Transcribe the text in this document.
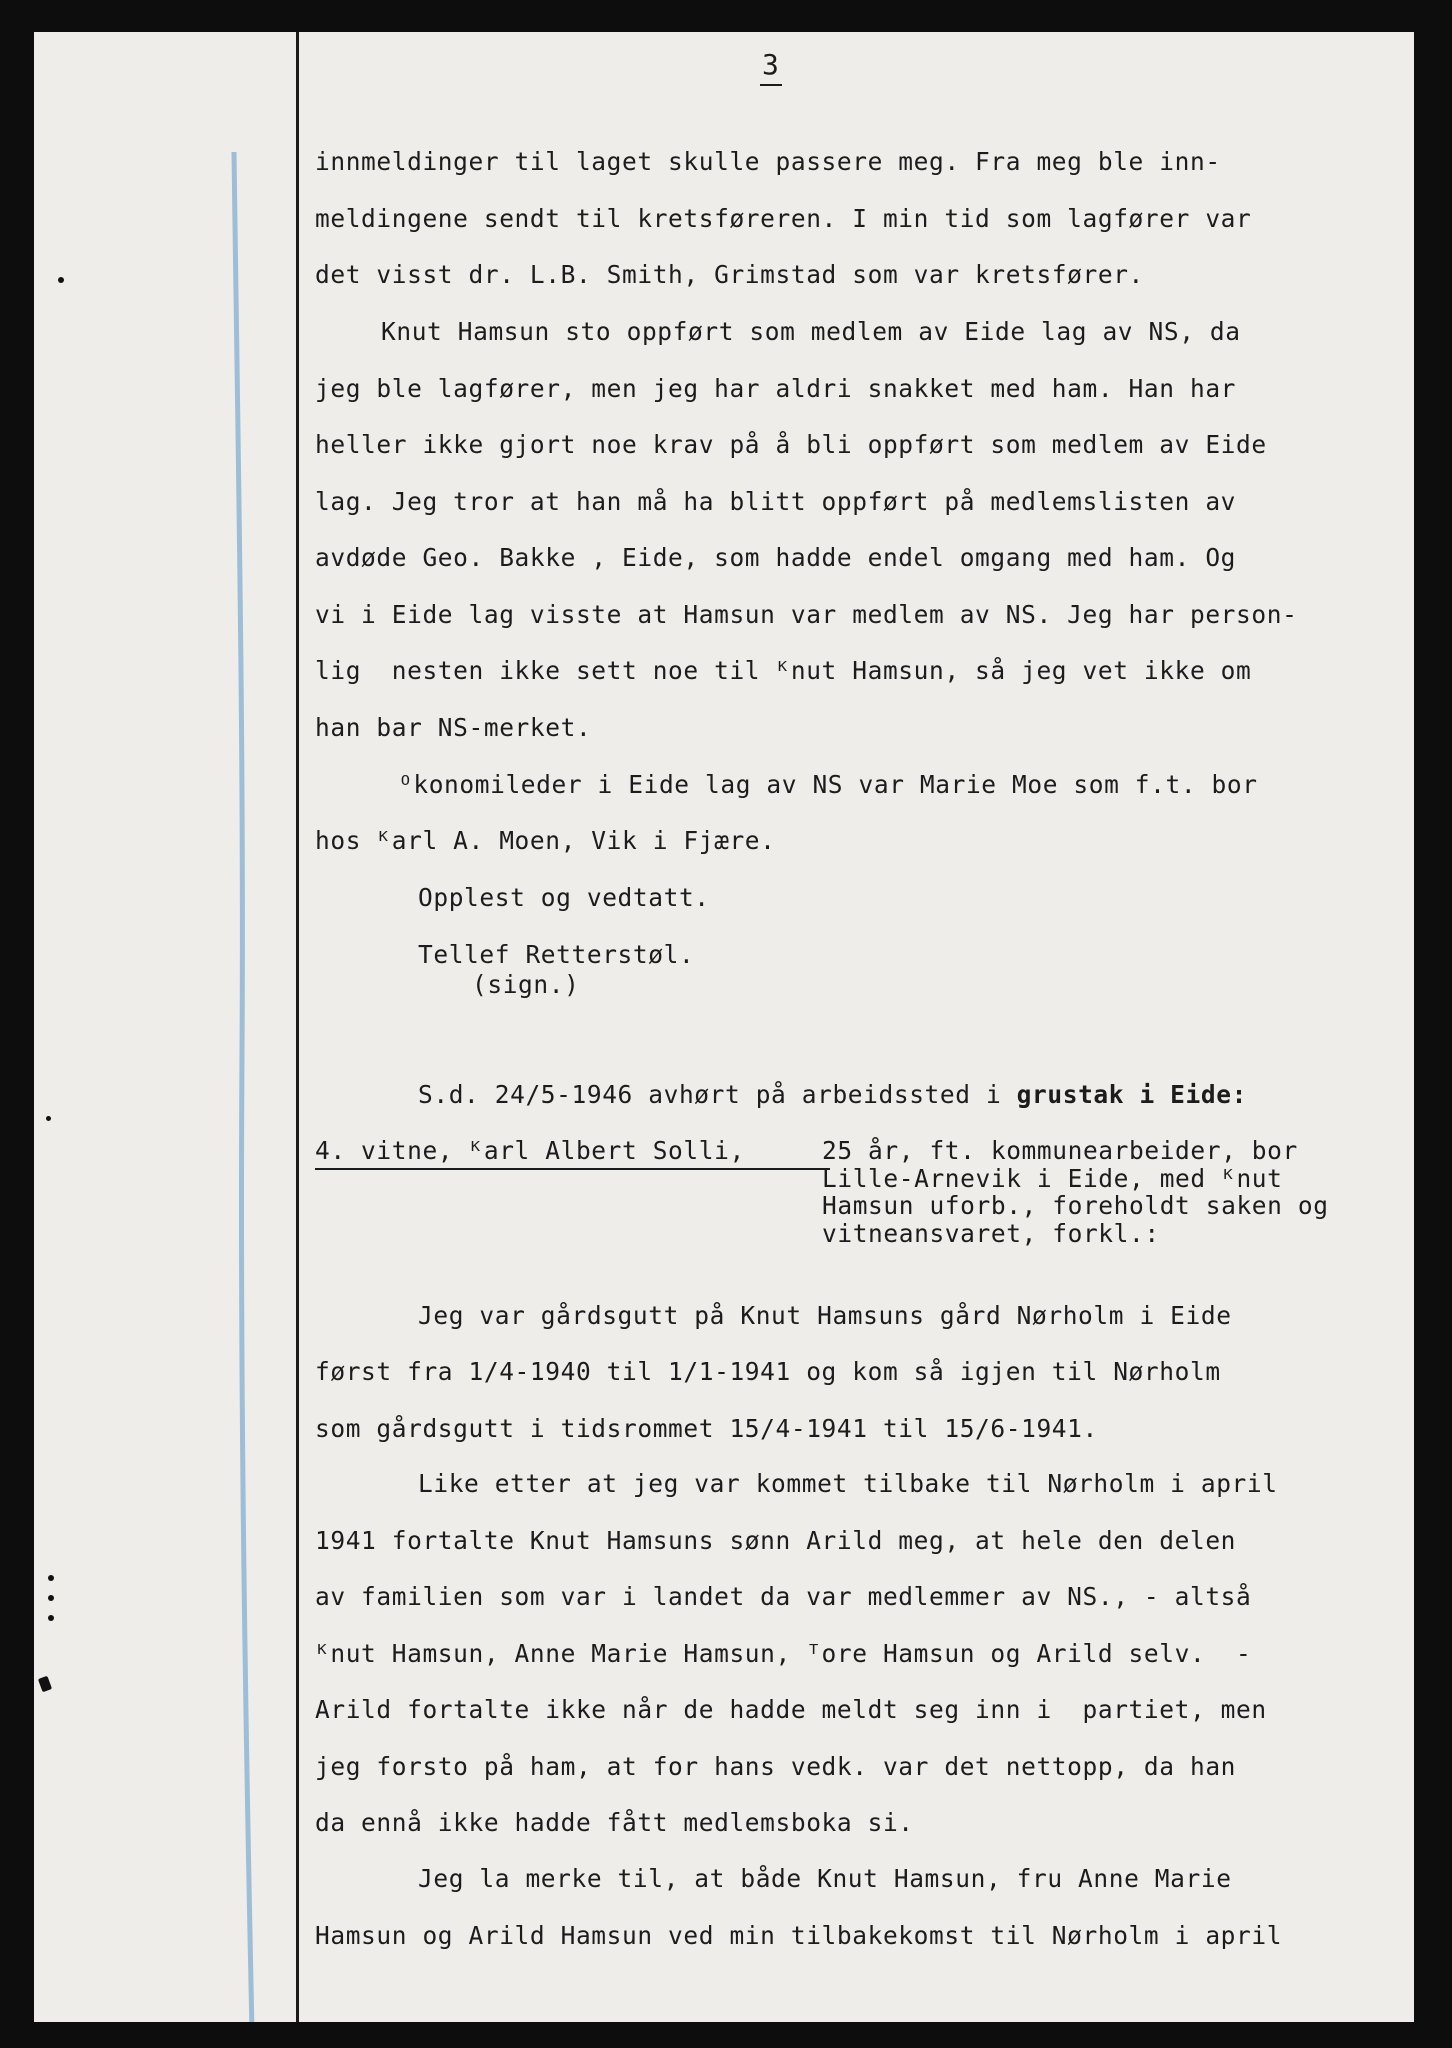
3
innmeldinger til laget skulle passere meg. Fra meg ble inn-
meldingene sendt til kretsføreren. I min tid som lagfører var
det visst dr. L.B. Smith, Grimstad som var kretsfører.
Knut Hamsun sto oppført som medlem av Eide lag av NS, da
jeg ble lagfører, men jeg har aldri snakket med ham. Han har
heller ikke gjort noe krav på å bli oppført som medlem av Eide
lag. Jeg tror at han må ha blitt oppført på medlemslisten av
avdøde Geo. Bakke , Eide, som hadde endel omgang med ham. Og
vi i Eide lag visste at Hamsun var medlem av NS. Jeg har person-
lig  nesten ikke sett noe til ᴷnut Hamsun, så jeg vet ikke om
han bar NS-merket.
ᴼkonomileder i Eide lag av NS var Marie Moe som f.t. bor
hos ᴷarl A. Moen, Vik i Fjære.
Opplest og vedtatt.
Tellef Retterstøl.
(sign.)
S.d. 24/5-1946 avhørt på arbeidssted i grustak i Eide:
4. vitne, ᴷarl Albert Solli,	25 år, ft. kommunearbeider, bor
Lille-Arnevik i Eide, med ᴷnut
Hamsun uforb., foreholdt saken og
vitneansvaret, forkl.:
Jeg var gårdsgutt på Knut Hamsuns gård Nørholm i Eide
først fra 1/4-1940 til 1/1-1941 og kom så igjen til Nørholm
som gårdsgutt i tidsrommet 15/4-1941 til 15/6-1941.
Like etter at jeg var kommet tilbake til Nørholm i april
1941 fortalte Knut Hamsuns sønn Arild meg, at hele den delen
av familien som var i landet da var medlemmer av NS., - altså
ᴷnut Hamsun, Anne Marie Hamsun, ᵀore Hamsun og Arild selv.  -
Arild fortalte ikke når de hadde meldt seg inn i  partiet, men
jeg forsto på ham, at for hans vedk. var det nettopp, da han
da ennå ikke hadde fått medlemsboka si.
Jeg la merke til, at både Knut Hamsun, fru Anne Marie
Hamsun og Arild Hamsun ved min tilbakekomst til Nørholm i april
